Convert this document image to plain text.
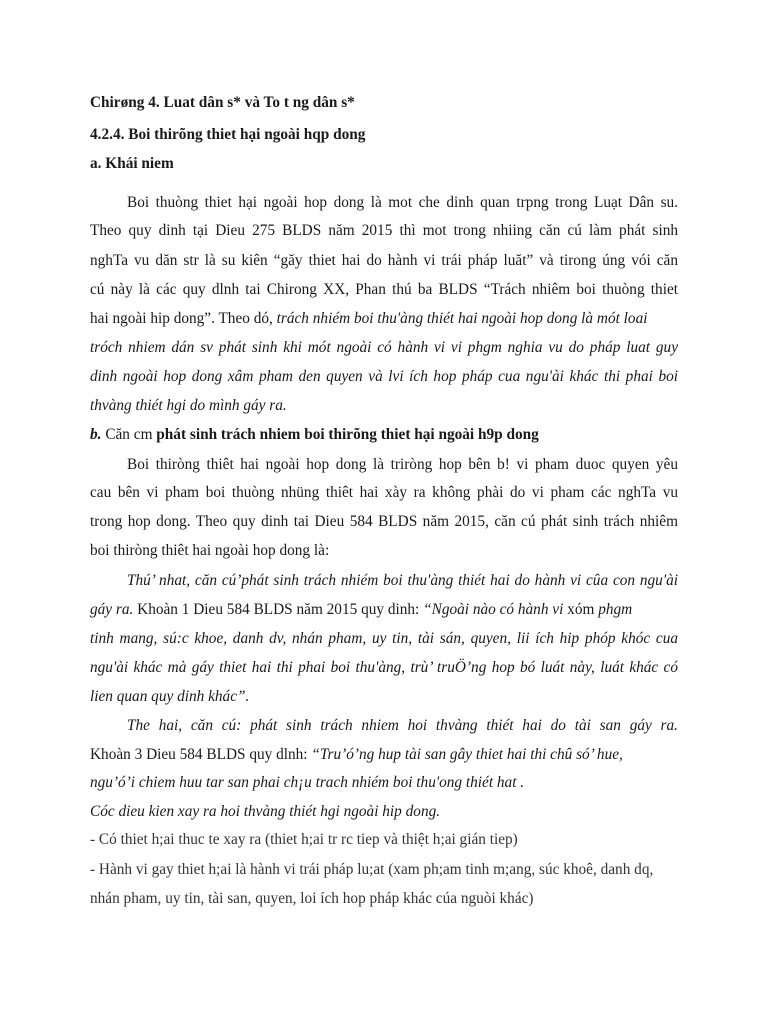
Chirøng 4. Luat dân s* và To t ng dân s*
4.2.4. Boi thirõng thiet hại ngoài hqp dong
a. Khái niem
Boi thuòng thiet hại ngoài hop dong là mot che dinh quan trpng trong Luạt Dân su.
Theo quy dinh tại Dieu 275 BLDS năm 2015 thì mot trong nhiing căn cú làm phát sinh
nghTa vu dăn str là su kiên “găy thiet hai do hành vi trái pháp luăt” và tirong úng vói căn
cú này là các quy dlnh tai Chirong XX, Phan thú ba BLDS “Trách nhiêm boi thuòng thiet
hai ngoài hip dong”. Theo dó, trách nhiém boi thu'àng thiét hai ngoài hop dong là mót loai
tróch nhiem dán sv phát sinh khi mót ngoài có hành vi vi phgm nghia vu do pháp luat guy
dinh ngoài hop dong xâm pham den quyen và lvi ích hop pháp cua ngu'ài khác thi phai boi
thvàng thiét hgi do mình gáy ra.
b. Căn cm phát sinh trách nhiem boi thirõng thiet hại ngoài h9p dong
Boi thiròng thiêt hai ngoài hop dong là triròng hop bên b! vi pham duoc quyen yêu
cau bên vi pham boi thuòng nhüng thiêt hai xày ra không phài do vi pham các nghTa vu
trong hop dong. Theo quy dinh tai Dieu 584 BLDS năm 2015, căn cú phát sinh trách nhiêm
boi thiròng thiêt hai ngoài hop dong là:
Thú’ nhat, căn cú’phát sinh trách nhiém boi thu'àng thiét hai do hành vi cûa con ngu'ài
gáy ra. Khoàn 1 Dieu 584 BLDS năm 2015 quy dinh: “Ngoài nào có hành vi xóm phgm
tinh mang, sú:c khoe, danh dv, nhán pham, uy tin, tài sán, quyen, lii ích hip phóp khóc cua
ngu'ài khác mà gáy thiet hai thi phai boi thu'àng, trù’ truÖ’ng hop bó luát này, luát khác có
lien quan quy dinh khác”.
The hai, căn cú: phát sinh trách nhiem hoi thvàng thiét hai do tài san gáy ra.
Khoàn 3 Dieu 584 BLDS quy dlnh: “Tru’ó’ng hup tài san gây thiet hai thi chû só’ hue,
ngu’ó’i chiem huu tar san phai ch¡u trach nhiém boi thu'ong thiét hat .
Cóc dieu kien xay ra hoi thvàng thiét hgi ngoài hip dong.
- Có thiet h;ai thuc te xay ra (thiet h;ai tr rc tiep và thiệt h;ai gián tiep)
- Hành vi gay thiet h;ai là hành vi trái pháp lu;at (xam ph;am tinh m;ang, súc khoê, danh dq,
nhán pham, uy tin, tài san, quyen, loi ích hop pháp khác cúa nguòi khác)
